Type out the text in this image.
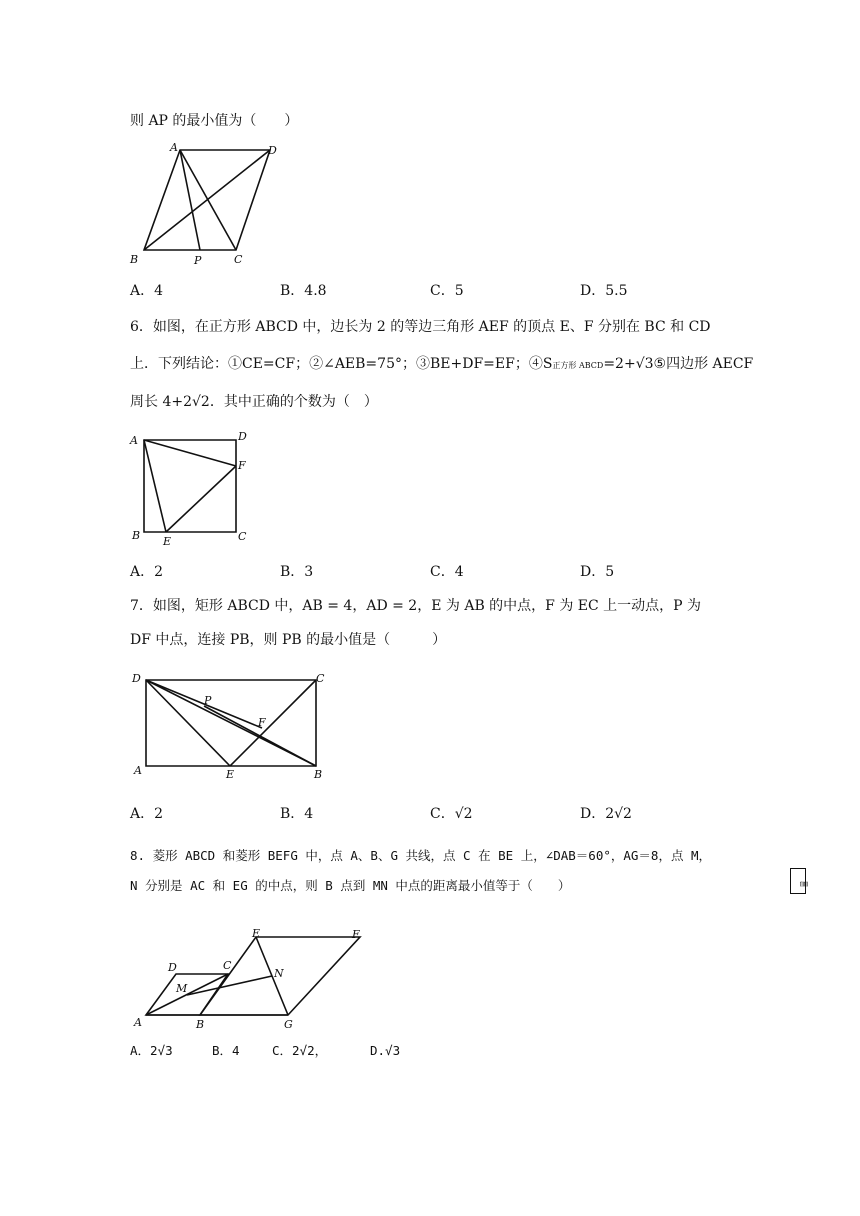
则 AP 的最小值为（　　）
A	D
B	P	C
A．4	B．4.8	C．5	D．5.5
6．如图，在正方形 ABCD 中，边长为 2 的等边三角形 AEF 的顶点 E、F 分别在 BC 和 CD
上．下列结论：①CE=CF；②∠AEB=75°；③BE+DF=EF；④S正方形 ABCD=2+√3⑤四边形 AECF
周长 4+2√2．其中正确的个数为（　）
A	D
F
B E	C
A．2	B．3	C．4	D．5
7．如图，矩形 ABCD 中，AB = 4，AD = 2，E 为 AB 的中点，F 为 EC 上一动点，P 为
DF 中点，连接 PB，则 PB 的最小值是（　　　）
D	C
P
F
A	E	B
A．2	B．4	C．√2	D．2√2
8. 菱形 ABCD 和菱形 BEFG 中，点 A、B、G 共线，点 C 在 BE 上，∠DAB＝60°，AG＝8，点 M，
N 分别是 AC 和 EG 的中点，则 B 点到 MN 中点的距离最小值等于（　　）
D	C
E	F
N
M
A	B	G
A．2√3	B．4	C．2√2，	D.√3
㎜
